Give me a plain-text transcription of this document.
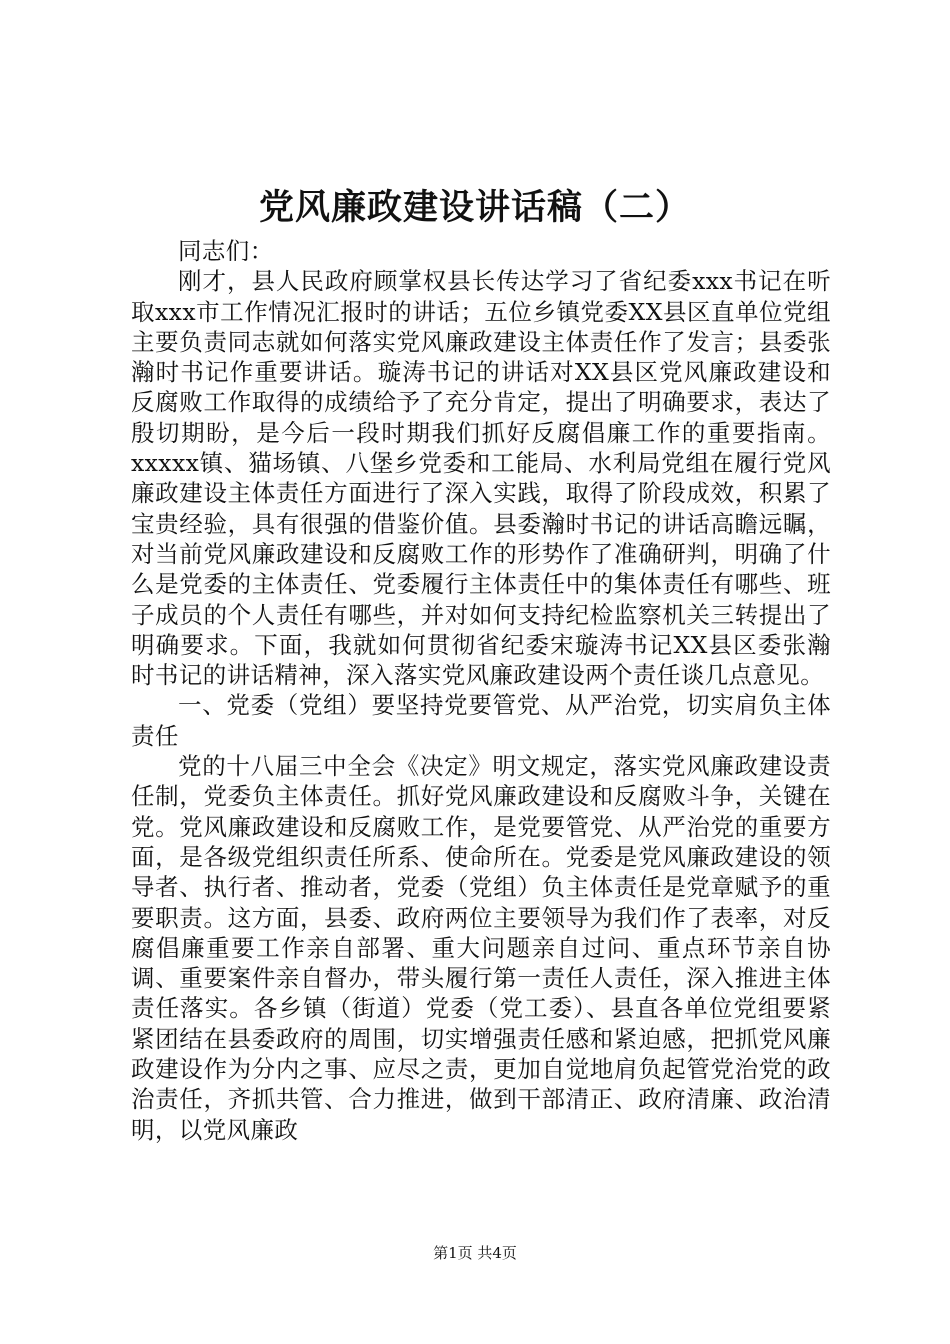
党风廉政建设讲话稿（二）

同志们：

刚才，县人民政府顾掌权县长传达学习了省纪委xxx书记在听取xxx市工作情况汇报时的讲话；五位乡镇党委XX县区直单位党组主要负责同志就如何落实党风廉政建设主体责任作了发言；县委张瀚时书记作重要讲话。璇涛书记的讲话对XX县区党风廉政建设和反腐败工作取得的成绩给予了充分肯定，提出了明确要求，表达了殷切期盼，是今后一段时期我们抓好反腐倡廉工作的重要指南。xxxxx镇、猫场镇、八堡乡党委和工能局、水利局党组在履行党风廉政建设主体责任方面进行了深入实践，取得了阶段成效，积累了宝贵经验，具有很强的借鉴价值。县委瀚时书记的讲话高瞻远瞩，对当前党风廉政建设和反腐败工作的形势作了准确研判，明确了什么是党委的主体责任、党委履行主体责任中的集体责任有哪些、班子成员的个人责任有哪些，并对如何支持纪检监察机关三转提出了明确要求。下面，我就如何贯彻省纪委宋璇涛书记XX县区委张瀚时书记的讲话精神，深入落实党风廉政建设两个责任谈几点意见。

一、党委（党组）要坚持党要管党、从严治党，切实肩负主体责任

党的十八届三中全会《决定》明文规定，落实党风廉政建设责任制，党委负主体责任。抓好党风廉政建设和反腐败斗争，关键在党。党风廉政建设和反腐败工作，是党要管党、从严治党的重要方面，是各级党组织责任所系、使命所在。党委是党风廉政建设的领导者、执行者、推动者，党委（党组）负主体责任是党章赋予的重要职责。这方面，县委、政府两位主要领导为我们作了表率，对反腐倡廉重要工作亲自部署、重大问题亲自过问、重点环节亲自协调、重要案件亲自督办，带头履行第一责任人责任，深入推进主体责任落实。各乡镇（街道）党委（党工委）、县直各单位党组要紧紧团结在县委政府的周围，切实增强责任感和紧迫感，把抓党风廉政建设作为分内之事、应尽之责，更加自觉地肩负起管党治党的政治责任，齐抓共管、合力推进，做到干部清正、政府清廉、政治清明，以党风廉政

第1页 共4页
